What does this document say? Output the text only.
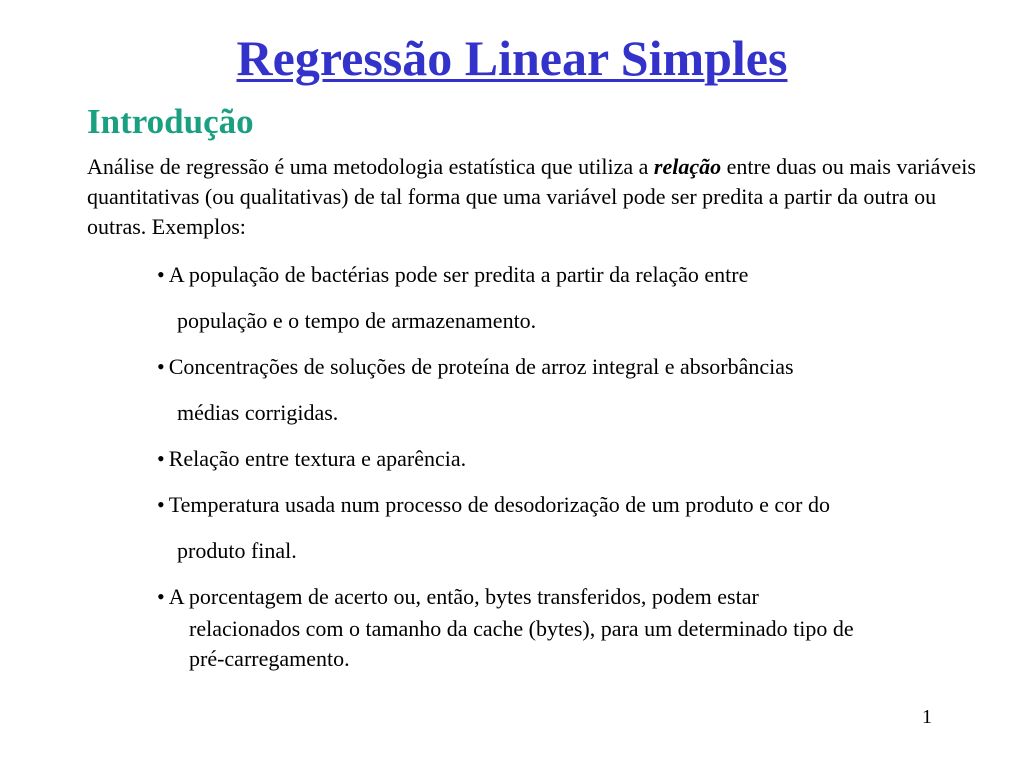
Regressão Linear Simples
Introdução
Análise de regressão é uma metodologia estatística que utiliza a relação entre duas ou mais variáveis quantitativas (ou qualitativas) de tal forma que uma variável pode ser predita a partir da outra ou outras. Exemplos:
• A população de bactérias pode ser predita a partir da relação entre
população e o tempo de armazenamento.
• Concentrações de soluções de proteína de arroz integral e absorbâncias
médias corrigidas.
• Relação entre textura e aparência.
• Temperatura usada num processo de desodorização de um produto e cor do
produto final.
• A porcentagem de acerto ou, então, bytes transferidos, podem estar
relacionados com o tamanho da cache (bytes), para um determinado tipo de
pré-carregamento.
1
